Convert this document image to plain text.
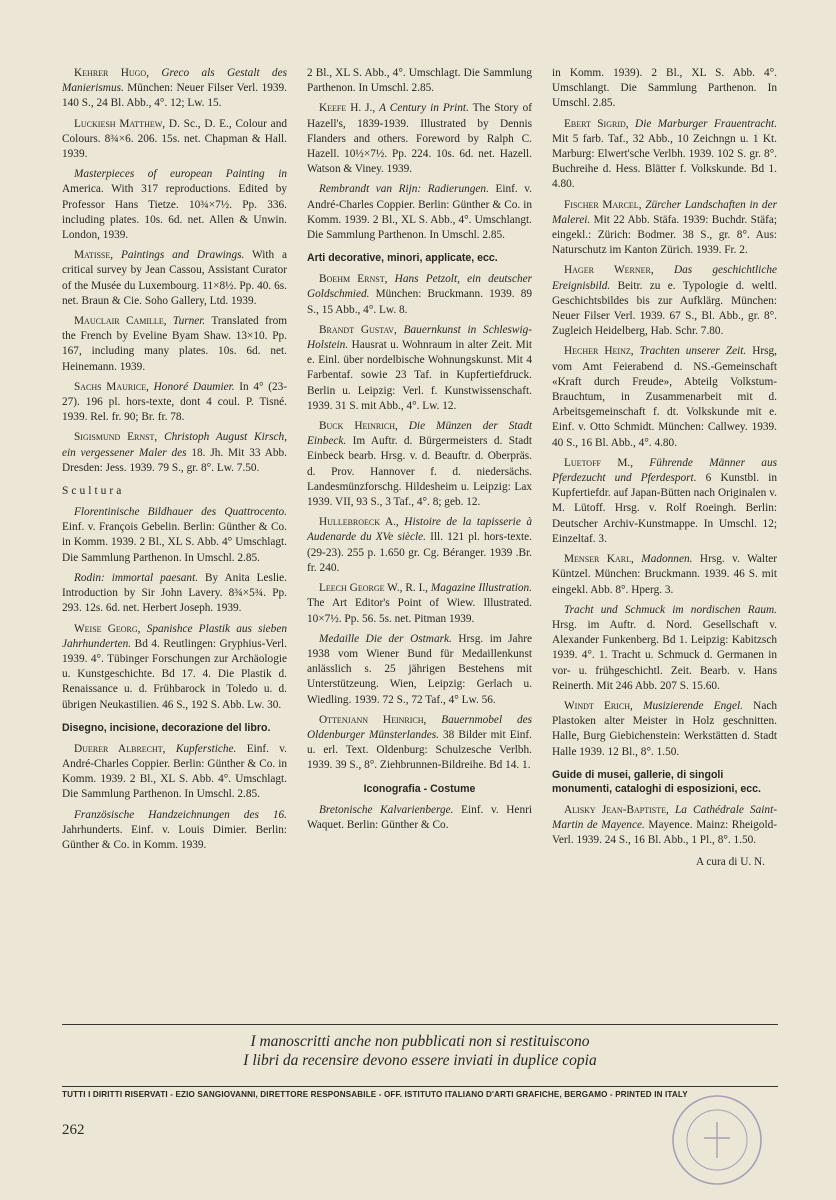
Kehrer Hugo, Greco als Gestalt des Manierismus. München: Neuer Filser Verl. 1939. 140 S., 24 Bl. Abb., 4°. 12; Lw. 15.

Luckiesh Matthew, D. Sc., D. E., Colour and Colours. 8¾×6. 206. 15s. net. Chapman & Hall. 1939.

Masterpieces of european Painting in America. With 317 reproductions. Edited by Professor Hans Tietze. 10¾×7½. Pp. 336. including plates. 10s. 6d. net. Allen & Unwin. London, 1939.

Matisse, Paintings and Drawings. With a critical survey by Jean Cassou, Assistant Curator of the Musée du Luxembourg. 11×8½. Pp. 40. 6s. net. Braun & Cie. Soho Gallery, Ltd. 1939.

Mauclair Camille, Turner. Translated from the French by Eveline Byam Shaw. 13×10. Pp. 167, including many plates. 10s. 6d. net. Heinemann. 1939.

Sachs Maurice, Honoré Daumier. In 4° (23-27). 196 pl. hors-texte, dont 4 coul. P. Tisné. 1939. Rel. fr. 90; Br. fr. 78.

Sigismund Ernst, Christoph August Kirsch, ein vergessener Maler des 18. Jh. Mit 33 Abb. Dresden: Jess. 1939. 79 S., gr. 8°. Lw. 7.50.

Scultura

Florentinische Bildhauer des Quattrocento. Einf. v. François Gebelin. Berlin: Günther & Co. in Komm. 1939. 2 Bl., XL S. Abb. 4° Umschlagt. Die Sammlung Parthenon. In Umschl. 2.85.

Rodin: immortal paesant. By Anita Leslie. Introduction by Sir John Lavery. 8¾×5¾. Pp. 293. 12s. 6d. net. Herbert Joseph. 1939.

Weise Georg, Spanishce Plastik aus sieben Jahrhunderten. Bd 4. Reutlingen: Gryphius-Verl. 1939. 4°. Tübinger Forschungen zur Archäologie u. Kunstgeschichte. Bd 17. 4. Die Plastik d. Renaissance u. d. Frühbarock in Toledo u. d. übrigen Neukastilien. 46 S., 192 S. Abb. Lw. 30.

Disegno, incisione, decorazione del libro.

Duerer Albrecht, Kupferstiche. Einf. v. André-Charles Coppier. Berlin: Günther & Co. in Komm. 1939. 2 Bl., XL S. Abb. 4°. Umschlagt. Die Sammlung Parthenon. In Umschl. 2.85.

Französische Handzeichnungen des 16. Jahrhunderts. Einf. v. Louis Dimier. Berlin: Günther & Co. in Komm. 1939.

2 Bl., XL S. Abb., 4°. Umschlagt. Die Sammlung Parthenon. In Umschl. 2.85.

Keefe H. J., A Century in Print. The Story of Hazell's, 1839-1939. Illustrated by Dennis Flanders and others. Foreword by Ralph C. Hazell. 10½×7½. Pp. 224. 10s. 6d. net. Hazell. Watson & Viney. 1939.

Rembrandt van Rijn: Radierungen. Einf. v. André-Charles Coppier. Berlin: Günther & Co. in Komm. 1939. 2 Bl., XL S. Abb., 4°. Umschlangt. Die Sammlung Parthenon. In Umschl. 2.85.

Arti decorative, minori, applicate, ecc.

Boehm Ernst, Hans Petzolt, ein deutscher Goldschmied. München: Bruckmann. 1939. 89 S., 15 Abb., 4°. Lw. 8.

Brandt Gustav, Bauernkunst in Schleswig-Holstein. Hausrat u. Wohnraum in alter Zeit. Mit e. Einl. über nordelbische Wohnungskunst. Mit 4 Farbentaf. sowie 23 Taf. in Kupfertiefdruck. Berlin u. Leipzig: Verl. f. Kunstwissenschaft. 1939. 31 S. mit Abb., 4°. Lw. 12.

Buck Heinrich, Die Münzen der Stadt Einbeck. Im Auftr. d. Bürgermeisters d. Stadt Einbeck bearb. Hrsg. v. d. Beauftr. d. Oberpräs. d. Prov. Hannover f. d. niedersächs. Landesmünzforschg. Hildesheim u. Leipzig: Lax 1939. VII, 93 S., 3 Taf., 4°. 8; geb. 12.

Hullebroeck A., Histoire de la tapisserie à Audenarde du XVe siècle. Ill. 121 pl. hors-texte. (29-23). 255 p. 1.650 gr. Cg. Béranger. 1939 .Br. fr. 240.

Leech George W., R. I., Magazine Illustration. The Art Editor's Point of Wiew. Illustrated. 10×7½. Pp. 56. 5s. net. Pitman 1939.

Medaille Die der Ostmark. Hrsg. im Jahre 1938 vom Wiener Bund für Medaillenkunst anlässlich s. 25 jährigen Bestehens mit Unterstützeung. Wien, Leipzig: Gerlach u. Wiedling. 1939. 72 S., 72 Taf., 4° Lw. 56.

Ottenjann Heinrich, Bauernmobel des Oldenburger Münsterlandes. 38 Bilder mit Einf. u. erl. Text. Oldenburg: Schulzesche Verlbh. 1939. 39 S., 8°. Ziehbrunnen-Bildreihe. Bd 14. 1.

Iconografia - Costume

Bretonische Kalvarienberge. Einf. v. Henri Waquet. Berlin: Günther & Co.

in Komm. 1939). 2 Bl., XL S. Abb. 4°. Umschlangt. Die Sammlung Parthenon. In Umschl. 2.85.

Ebert Sigrid, Die Marburger Frauentracht. Mit 5 farb. Taf., 32 Abb., 10 Zeichngn u. 1 Kt. Marburg: Elwert'sche Verlbh. 1939. 102 S. gr. 8°. Buchreihe d. Hess. Blätter f. Volkskunde. Bd 1. 4.80.

Fischer Marcel, Zürcher Landschaften in der Malerei. Mit 22 Abb. Stäfa. 1939: Buchdr. Stäfa; eingekl.: Zürich: Bodmer. 38 S., gr. 8°. Aus: Naturschutz im Kanton Zürich. 1939. Fr. 2.

Hager Werner, Das geschichtliche Ereignisbild. Beitr. zu e. Typologie d. weltl. Geschichtsbildes bis zur Aufklärg. München: Neuer Filser Verl. 1939. 67 S., Bl. Abb., gr. 8°. Zugleich Heidelberg, Hab. Schr. 7.80.

Hecher Heinz, Trachten unserer Zeit. Hrsg, vom Amt Feierabend d. NS.-Gemeinschaft «Kraft durch Freude», Abteilg Volkstum-Brauchtum, in Zusammenarbeit mit d. Arbeitsgemeinschaft f. dt. Volkskunde mit e. Einf. v. Otto Schmidt. München: Callwey. 1939. 40 S., 16 Bl. Abb., 4°. 4.80.

Luetoff M., Führende Männer aus Pferdezucht und Pferdesport. 6 Kunstbl. in Kupfertiefdr. auf Japan-Bütten nach Originalen v. M. Lütoff. Hrsg. v. Rolf Roeingh. Berlin: Deutscher Archiv-Kunstmappe. In Umschl. 12; Einzeltaf. 3.

Menser Karl, Madonnen. Hrsg. v. Walter Küntzel. München: Bruckmann. 1939. 46 S. mit eingekl. Abb. 8°. Hperg. 3.

Tracht und Schmuck im nordischen Raum. Hrsg. im Auftr. d. Nord. Gesellschaft v. Alexander Funkenberg. Bd 1. Leipzig: Kabitzsch 1939. 4°. 1. Tracht u. Schmuck d. Germanen in vor- u. frühgeschichtl. Zeit. Bearb. v. Hans Reinerth. Mit 246 Abb. 207 S. 15.60.

Windt Erich, Musizierende Engel. Nach Plastoken alter Meister in Holz geschnitten. Halle, Burg Giebichenstein: Werkstätten d. Stadt Halle 1939. 12 Bl., 8°. 1.50.

Guide di musei, gallerie, di singoli monumenti, cataloghi di esposizioni, ecc.

Alisky Jean-Baptiste, La Cathédrale Saint-Martin de Mayence. Mayence. Mainz: Rheigold-Verl. 1939. 24 S., 16 Bl. Abb., 1 Pl., 8°. 1.50.

A cura di U. N.
I manoscritti anche non pubblicati non si restituiscono
I libri da recensire devono essere inviati in duplice copia
TUTTI I DIRITTI RISERVATI - EZIO SANGIOVANNI, DIRETTORE RESPONSABILE - OFF. ISTITUTO ITALIANO D'ARTI GRAFICHE, BERGAMO - PRINTED IN ITALY
262
